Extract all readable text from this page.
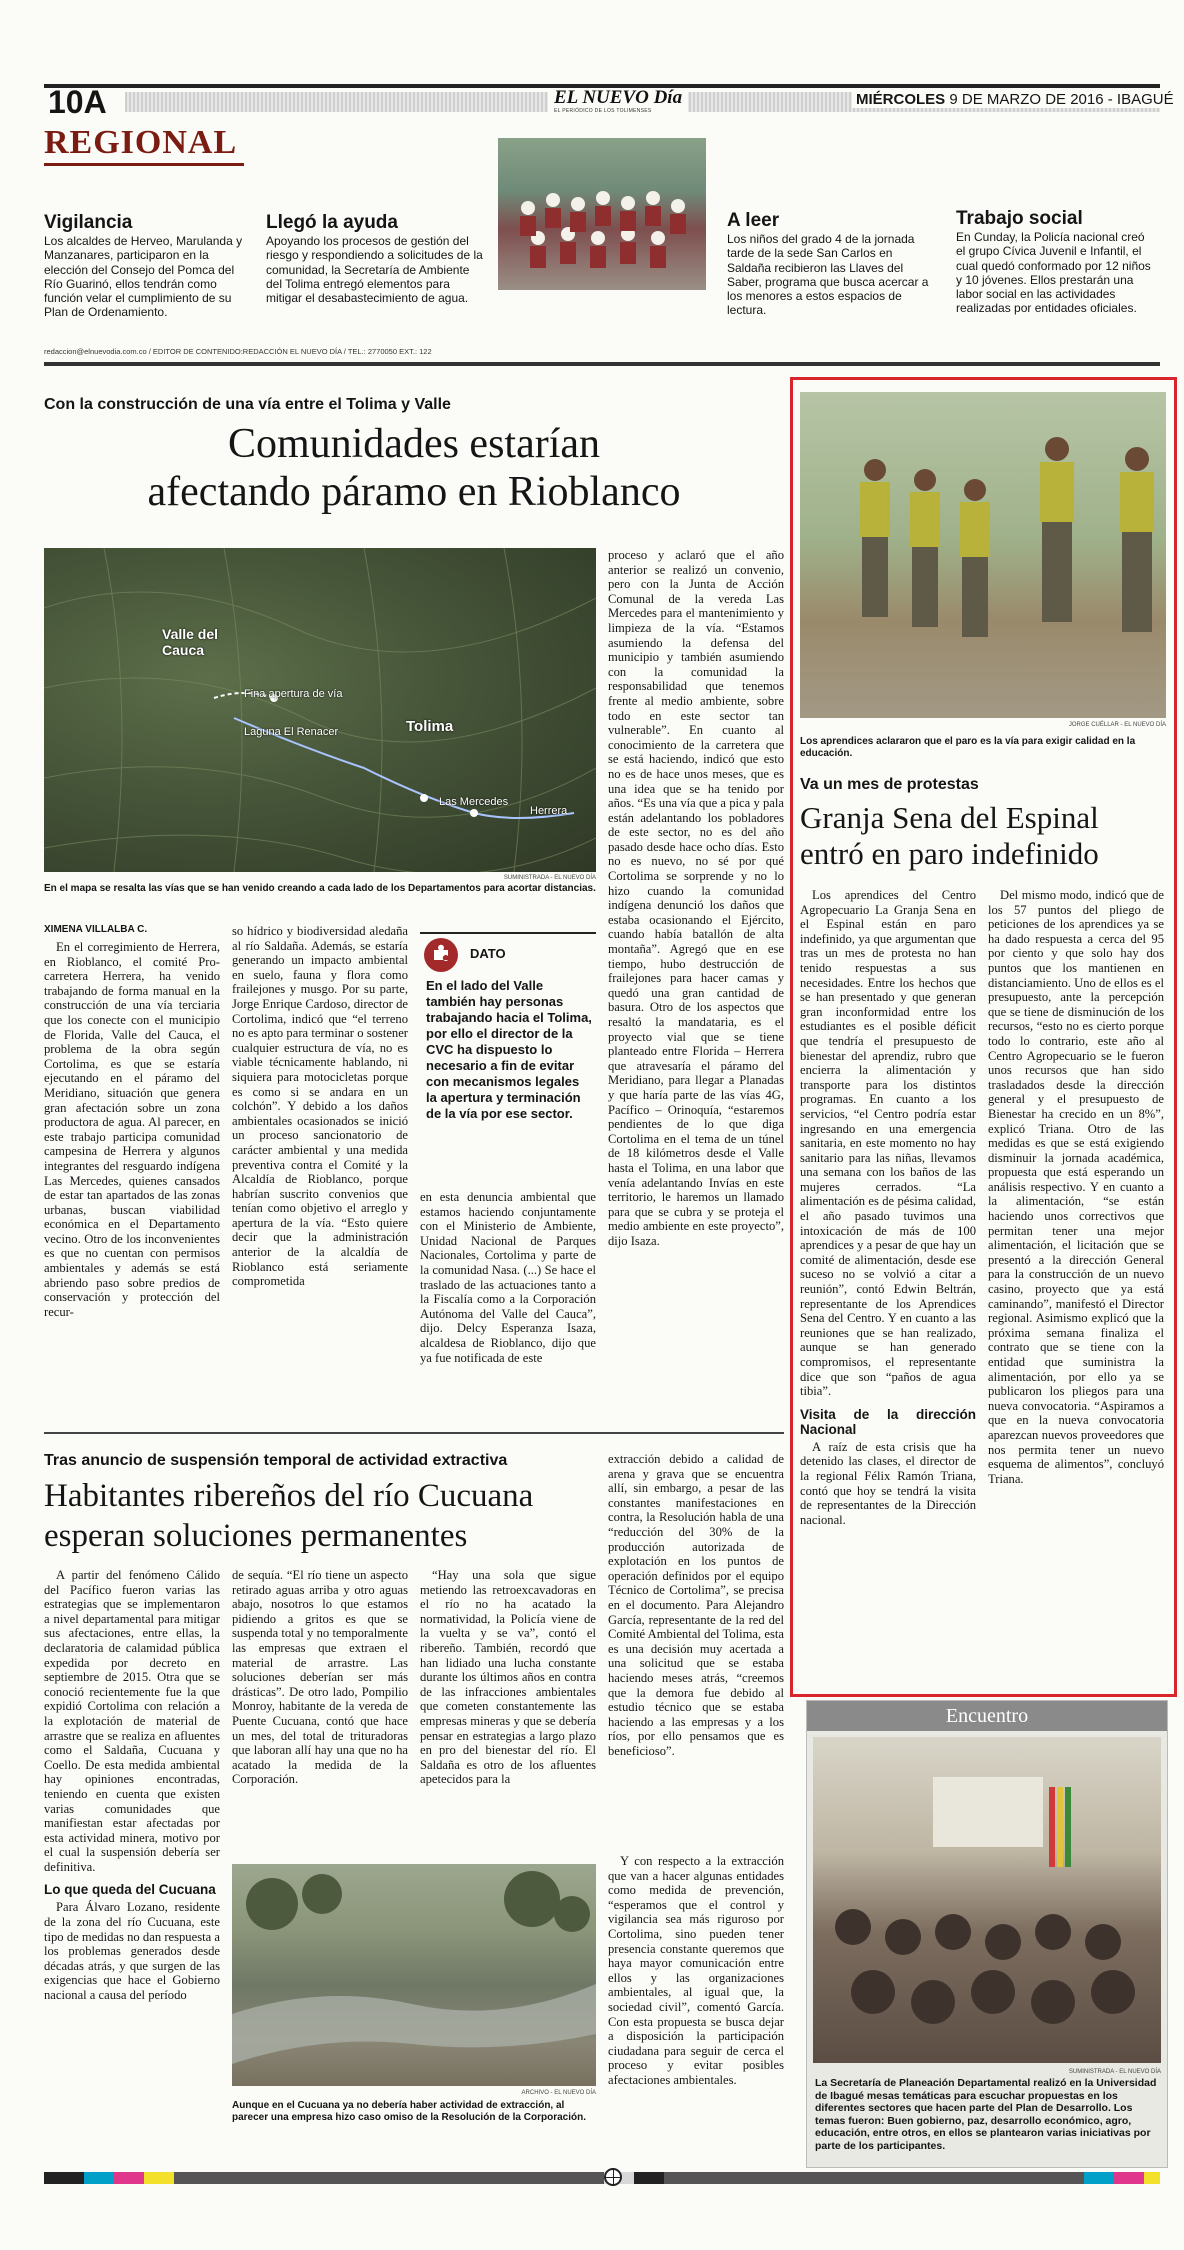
10A	EL NUEVO Día
EL PERIÓDICO DE LOS TOLIMENSES
MIÉRCOLES 9 DE MARZO DE 2016 - IBAGUÉ
REGIONAL
Vigilancia
Los alcaldes de Herveo, Marulanda y Manzanares, participaron en la elección del Consejo del Pomca del Río Guarinó, ellos tendrán como función velar el cumplimiento de su Plan de Ordenamiento.
Llegó la ayuda
Apoyando los procesos de gestión del riesgo y respondiendo a solicitudes de la comunidad, la Secretaría de Ambiente del Tolima entregó elementos para mitigar el desabastecimiento de agua.
A leer
Los niños del grado 4 de la jornada tarde de la sede San Carlos en Saldaña recibieron las Llaves del Saber, programa que busca acercar a los menores a estos espacios de lectura.
Trabajo social
En Cunday, la Policía nacional creó el grupo Cívica Juvenil e Infantil, el cual quedó conformado por 12 niños y 10 jóvenes. Ellos prestarán una labor social en las actividades realizadas por entidades oficiales.
redaccion@elnuevodia.com.co / EDITOR DE CONTENIDO:REDACCIÓN EL NUEVO DÍA / TEL.: 2770050 EXT.: 122
Con la construcción de una vía entre el Tolima y Valle
Comunidades estarían
afectando páramo en Rioblanco
Valle del Cauca
Tolima
Fina apertura de vía
Laguna El Renacer
Las Mercedes
Herrera
SUMINISTRADA - EL NUEVO DÍA
En el mapa se resalta las vías que se han venido creando a cada lado de los Departamentos para acortar distancias.
XIMENA VILLALBA C.

En el corregimiento de Herrera, en Rioblanco, el comité Pro-carretera Herrera, ha venido trabajando de forma manual en la construcción de una vía terciaria que los conecte con el municipio de Florida, Valle del Cauca, el problema de la obra según Cortolima, es que se estaría ejecutando en el páramo del Meridiano, situación que genera gran afectación sobre un zona productora de agua. Al parecer, en este trabajo participa comunidad campesina de Herrera y algunos integrantes del resguardo indígena Las Mercedes, quienes cansados de estar tan apartados de las zonas urbanas, buscan viabilidad económica en el Departamento vecino. Otro de los inconvenientes es que no cuentan con permisos ambientales y además se está abriendo paso sobre predios de conservación y protección del recur-

so hídrico y biodiversidad aledaña al río Saldaña. Además, se estaría generando un impacto ambiental en suelo, fauna y flora como frailejones y musgo. Por su parte, Jorge Enrique Cardoso, director de Cortolima, indicó que “el terreno no es apto para terminar o sostener cualquier estructura de vía, no es viable técnicamente hablando, ni siquiera para motocicletas porque es como si se andara en un colchón”. Y debido a los daños ambientales ocasionados se inició un proceso sancionatorio de carácter ambiental y una medida preventiva contra el Comité y la Alcaldía de Rioblanco, porque habrían suscrito convenios que tenían como objetivo el arreglo y apertura de la vía. “Esto quiere decir que la administración anterior de la alcaldía de Rioblanco está seriamente comprometida

DATO
En el lado del Valle también hay personas trabajando hacia el Tolima, por ello el director de la CVC ha dispuesto lo necesario a fin de evitar con mecanismos legales la apertura y terminación de la vía por ese sector.

en esta denuncia ambiental que estamos haciendo conjuntamente con el Ministerio de Ambiente, Unidad Nacional de Parques Nacionales, Cortolima y parte de la comunidad Nasa. (...) Se hace el traslado de las actuaciones tanto a la Fiscalía como a la Corporación Autónoma del Valle del Cauca”, dijo. Delcy Esperanza Isaza, alcaldesa de Rioblanco, dijo que ya fue notificada de este

proceso y aclaró que el año anterior se realizó un convenio, pero con la Junta de Acción Comunal de la vereda Las Mercedes para el mantenimiento y limpieza de la vía. “Estamos asumiendo la defensa del municipio y también asumiendo con la comunidad la responsabilidad que tenemos frente al medio ambiente, sobre todo en este sector tan vulnerable”. En cuanto al conocimiento de la carretera que se está haciendo, indicó que esto no es de hace unos meses, que es una idea que se ha tenido por años. “Es una vía que a pica y pala están adelantando los pobladores de este sector, no es del año pasado desde hace ocho días. Esto no es nuevo, no sé por qué Cortolima se sorprende y no lo hizo cuando la comunidad indígena denunció los daños que estaba ocasionando el Ejército, cuando había batallón de alta montaña”. Agregó que en ese tiempo, hubo destrucción de frailejones para hacer camas y quedó una gran cantidad de basura. Otro de los aspectos que resaltó la mandataria, es el proyecto vial que se tiene planteado entre Florida – Herrera que atravesaría el páramo del Meridiano, para llegar a Planadas y que haría parte de las vías 4G, Pacífico – Orinoquía, “estaremos pendientes de lo que diga Cortolima en el tema de un túnel de 18 kilómetros desde el Valle hasta el Tolima, en una labor que venía adelantando Invías en este territorio, le haremos un llamado para que se cubra y se proteja el medio ambiente en este proyecto”, dijo Isaza.

JORGE CUÉLLAR - EL NUEVO DÍA
Los aprendices aclararon que el paro es la vía para exigir calidad en la educación.
Va un mes de protestas
Granja Sena del Espinal
entró en paro indefinido

Los aprendices del Centro Agropecuario La Granja Sena en el Espinal están en paro indefinido, ya que argumentan que tras un mes de protesta no han tenido respuestas a sus necesidades. Entre los hechos que se han presentado y que generan gran inconformidad entre los estudiantes es el posible déficit que tendría el presupuesto de bienestar del aprendiz, rubro que encierra la alimentación y transporte para los distintos programas. En cuanto a los servicios, “el Centro podría estar ingresando en una emergencia sanitaria, en este momento no hay sanitario para las niñas, llevamos una semana con los baños de las mujeres cerrados. “La alimentación es de pésima calidad, el año pasado tuvimos una intoxicación de más de 100 aprendices y a pesar de que hay un comité de alimentación, desde ese suceso no se volvió a citar a reunión”, contó Edwin Beltrán, representante de los Aprendices Sena del Centro. Y en cuanto a las reuniones que se han realizado, aunque se han generado compromisos, el representante dice que son “paños de agua tibia”.

Visita de la dirección Nacional

A raíz de esta crisis que ha detenido las clases, el director de la regional Félix Ramón Triana, contó que hoy se tendrá la visita de representantes de la Dirección nacional.

Del mismo modo, indicó que de los 57 puntos del pliego de peticiones de los aprendices ya se ha dado respuesta a cerca del 95 por ciento y que solo hay dos puntos que los mantienen en distanciamiento. Uno de ellos es el presupuesto, ante la percepción que se tiene de disminución de los recursos, “esto no es cierto porque todo lo contrario, este año al Centro Agropecuario se le fueron unos recursos que han sido trasladados desde la dirección general y el presupuesto de Bienestar ha crecido en un 8%”, explicó Triana. Otro de las medidas es que se está exigiendo disminuir la jornada académica, propuesta que está esperando un análisis respectivo. Y en cuanto a la alimentación, “se están haciendo unos correctivos que permitan tener una mejor alimentación, el licitación que se presentó a la dirección General para la construcción de un nuevo casino, proyecto que ya está caminando”, manifestó el Director regional. Asimismo explicó que la próxima semana finaliza el contrato que se tiene con la entidad que suministra la alimentación, por ello ya se publicaron los pliegos para una nueva convocatoria. “Aspiramos a que en la nueva convocatoria aparezcan nuevos proveedores que nos permita tener un nuevo esquema de alimentos”, concluyó Triana.

Tras anuncio de suspensión temporal de actividad extractiva
Habitantes ribereños del río Cucuana
esperan soluciones permanentes

A partir del fenómeno Cálido del Pacífico fueron varias las estrategias que se implementaron a nivel departamental para mitigar sus afectaciones, entre ellas, la declaratoria de calamidad pública expedida por decreto en septiembre de 2015. Otra que se conoció recientemente fue la que expidió Cortolima con relación a la explotación de material de arrastre que se realiza en afluentes como el Saldaña, Cucuana y Coello. De esta medida ambiental hay opiniones encontradas, teniendo en cuenta que existen varias comunidades que manifiestan estar afectadas por esta actividad minera, motivo por el cual la suspensión debería ser definitiva.

Lo que queda del Cucuana

Para Álvaro Lozano, residente de la zona del río Cucuana, este tipo de medidas no dan respuesta a los problemas generados desde décadas atrás, y que surgen de las exigencias que hace el Gobierno nacional a causa del período

de sequía. “El río tiene un aspecto retirado aguas arriba y otro aguas abajo, nosotros lo que estamos pidiendo a gritos es que se suspenda total y no temporalmente las empresas que extraen el material de arrastre. Las soluciones deberían ser más drásticas”. De otro lado, Pompilio Monroy, habitante de la vereda de Puente Cucuana, contó que hace un mes, del total de trituradoras que laboran allí hay una que no ha acatado la medida de la Corporación.

“Hay una sola que sigue metiendo las retroexcavadoras en el río no ha acatado la normatividad, la Policía viene de la vuelta y se va”, contó el ribereño. También, recordó que han lidiado una lucha constante durante los últimos años en contra de las infracciones ambientales que cometen constantemente las empresas mineras y que se debería pensar en estrategias a largo plazo en pro del bienestar del río. El Saldaña es otro de los afluentes apetecidos para la

extracción debido a calidad de arena y grava que se encuentra allí, sin embargo, a pesar de las constantes manifestaciones en contra, la Resolución habla de una “reducción del 30% de la producción autorizada de explotación en los puntos de operación definidos por el equipo Técnico de Cortolima”, se precisa en el documento. Para Alejandro García, representante de la red del Comité Ambiental del Tolima, esta es una decisión muy acertada a una solicitud que se estaba haciendo meses atrás, “creemos que la demora fue debido al estudio técnico que se estaba haciendo a las empresas y a los ríos, por ello pensamos que es beneficioso”.

Y con respecto a la extracción que van a hacer algunas entidades como medida de prevención, “esperamos que el control y vigilancia sea más riguroso por Cortolima, sino pueden tener presencia constante queremos que haya mayor comunicación entre ellos y las organizaciones ambientales, al igual que, la sociedad civil”, comentó García. Con esta propuesta se busca dejar a disposición la participación ciudadana para seguir de cerca el proceso y evitar posibles afectaciones ambientales.

ARCHIVO - EL NUEVO DÍA
Aunque en el Cucuana ya no debería haber actividad de extracción, al parecer una empresa hizo caso omiso de la Resolución de la Corporación.
Encuentro
SUMINISTRADA - EL NUEVO DÍA
La Secretaría de Planeación Departamental realizó en la Universidad de Ibagué mesas temáticas para escuchar propuestas en los diferentes sectores que hacen parte del Plan de Desarrollo. Los temas fueron: Buen gobierno, paz, desarrollo económico, agro, educación, entre otros, en ellos se plantearon varias iniciativas por parte de los participantes.
